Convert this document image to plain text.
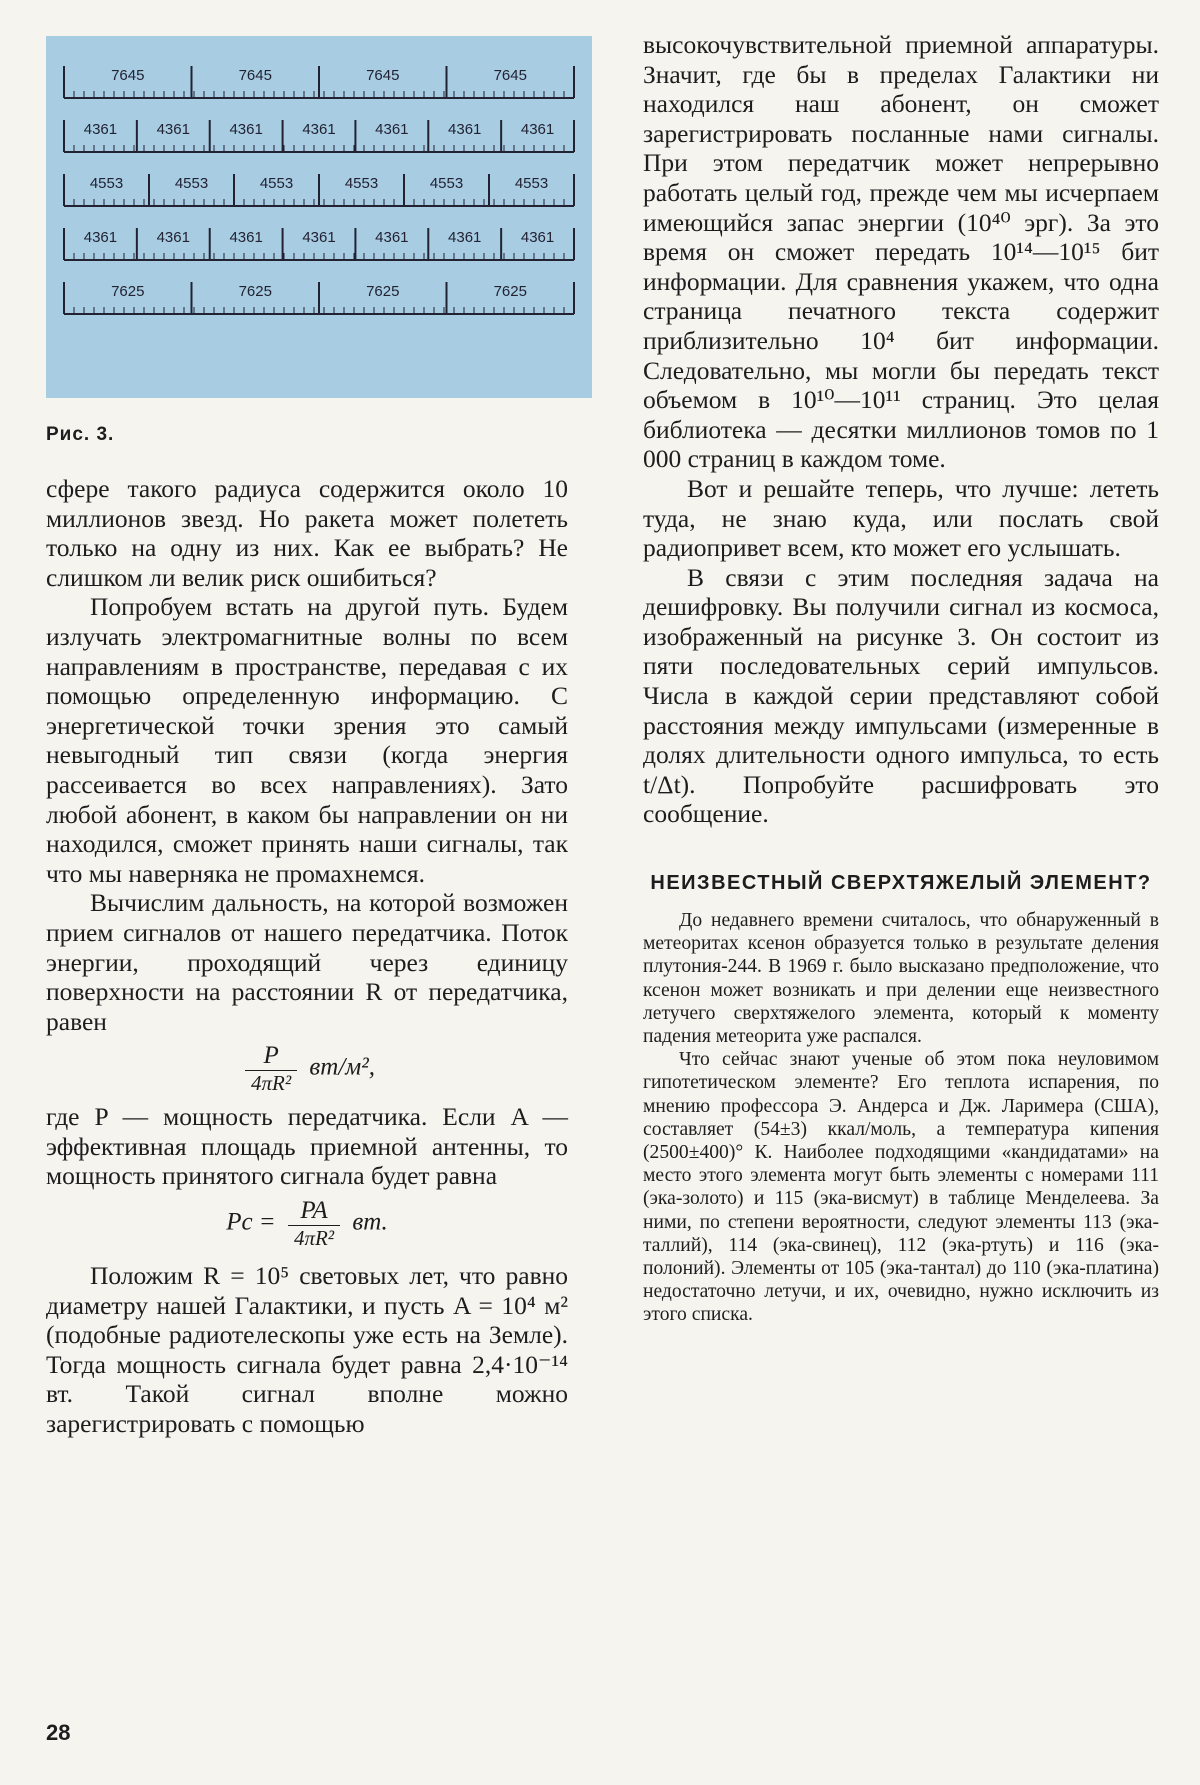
7645	7645	7645	7645
4361	4361	4361	4361	4361	4361	4361
4553	4553	4553	4553	4553	4553
4361	4361	4361	4361	4361	4361	4361
7625	7625	7625	7625
Рис. 3.

сфере такого радиуса содержится около 10 миллионов звезд. Но ракета может полететь только на одну из них. Как ее выбрать? Не слишком ли велик риск ошибиться?

Попробуем встать на другой путь. Будем излучать электромагнитные волны по всем направлениям в пространстве, передавая с их помощью определенную информацию. С энергетической точки зрения это самый невыгодный тип связи (когда энергия рассеивается во всех направлениях). Зато любой абонент, в каком бы направлении он ни находился, сможет принять наши сигналы, так что мы наверняка не промахнемся.

Вычислим дальность, на которой возможен прием сигналов от нашего передатчика. Поток энергии, проходящий через единицу поверхности на расстоянии R от передатчика, равен

$\frac{P}{\text{4πR²}} вт/м^2$,

где P — мощность передатчика. Если A — эффективная площадь приемной антенны, то мощность принятого сигнала будет равна

$Pc = \frac{PA}{\text{4πR²}}$ вт.

Положим R = 10⁵ световых лет, что равно диаметру нашей Галактики, и пусть A = 10⁴ м² (подобные радиотелескопы уже есть на Земле). Тогда мощность сигнала будет равна 2,4·10⁻¹⁴ вт. Такой сигнал вполне можно зарегистрировать с помощью

высокочувствительной приемной аппаратуры. Значит, где бы в пределах Галактики ни находился наш абонент, он сможет зарегистрировать посланные нами сигналы. При этом передатчик может непрерывно работать целый год, прежде чем мы исчерпаем имеющийся запас энергии (10⁴⁰ эрг). За это время он сможет передать 10¹⁴—10¹⁵ бит информации. Для сравнения укажем, что одна страница печатного текста содержит приблизительно 10⁴ бит информации. Следовательно, мы могли бы передать текст объемом в 10¹⁰—10¹¹ страниц. Это целая библиотека — десятки миллионов томов по 1 000 страниц в каждом томе.

Вот и решайте теперь, что лучше: лететь туда, не знаю куда, или послать свой радиопривет всем, кто может его услышать.

В связи с этим последняя задача на дешифровку. Вы получили сигнал из космоса, изображенный на рисунке 3. Он состоит из пяти последовательных серий импульсов. Числа в каждой серии представляют собой расстояния между импульсами (измеренные в долях длительности одного импульса, то есть t/Δt). Попробуйте расшифровать это сообщение.

НЕИЗВЕСТНЫЙ СВЕРХТЯЖЕЛЫЙ ЭЛЕМЕНТ?

До недавнего времени считалось, что обнаруженный в метеоритах ксенон образуется только в результате деления плутония-244. В 1969 г. было высказано предположение, что ксенон может возникать и при делении еще неизвестного летучего сверхтяжелого элемента, который к моменту падения метеорита уже распался.

Что сейчас знают ученые об этом пока неуловимом гипотетическом элементе? Его теплота испарения, по мнению профессора Э. Андерса и Дж. Ларимера (США), составляет (54±3) ккал/моль, а температура кипения (2500±400)° К. Наиболее подходящими «кандидатами» на место этого элемента могут быть элементы с номерами 111 (эка-золото) и 115 (эка-висмут) в таблице Менделеева. За ними, по степени вероятности, следуют элементы 113 (эка-таллий), 114 (эка-свинец), 112 (эка-ртуть) и 116 (эка-полоний). Элементы от 105 (эка-тантал) до 110 (эка-платина) недостаточно летучи, и их, очевидно, нужно исключить из этого списка.

28
